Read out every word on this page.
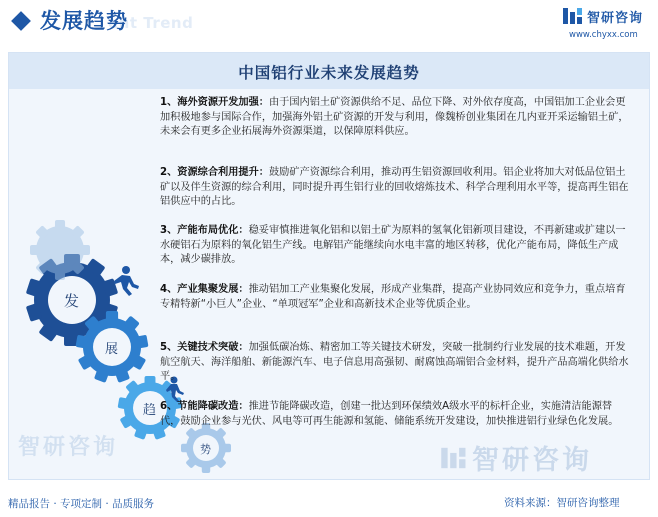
ent Trend
发展趋势	智研咨询
www.chyxx.com
中国铝行业未来发展趋势
智研咨询
发
展
趋
势
1、海外资源开发加强：由于国内铝土矿资源供给不足、品位下降、对外依存度高，中国铝加工企业会更加积极地参与国际合作，加强海外铝土矿资源的开发与利用，像魏桥创业集团在几内亚开采运输铝土矿，未来会有更多企业拓展海外资源渠道，以保障原料供应。
2、资源综合利用提升：鼓励矿产资源综合利用，推动再生铝资源回收利用。铝企业将加大对低品位铝土矿以及伴生资源的综合利用，同时提升再生铝行业的回收熔炼技术、科学合理利用水平等，提高再生铝在铝供应中的占比。
3、产能布局优化：稳妥审慎推进氧化铝和以铝土矿为原料的氢氧化铝新项目建设，不再新建或扩建以一水硬铝石为原料的氧化铝生产线。电解铝产能继续向水电丰富的地区转移，优化产能布局，降低生产成本，减少碳排放。
4、产业集聚发展：推动铝加工产业集聚化发展，形成产业集群，提高产业协同效应和竞争力，重点培育专精特新“小巨人”企业、“单项冠军”企业和高新技术企业等优质企业。
5、关键技术突破：加强低碳冶炼、精密加工等关键技术研发，突破一批制约行业发展的技术难题，开发航空航天、海洋船舶、新能源汽车、电子信息用高强韧、耐腐蚀高端铝合金材料，提升产品高端化供给水平。
6、节能降碳改造：推进节能降碳改造，创建一批达到环保绩效A级水平的标杆企业，实施清洁能源替代，鼓励企业参与光伏、风电等可再生能源和氢能、储能系统开发建设，加快推进铝行业绿色化发展。
智研咨询
精品报告 · 专项定制 · 品质服务	资料来源：智研咨询整理
